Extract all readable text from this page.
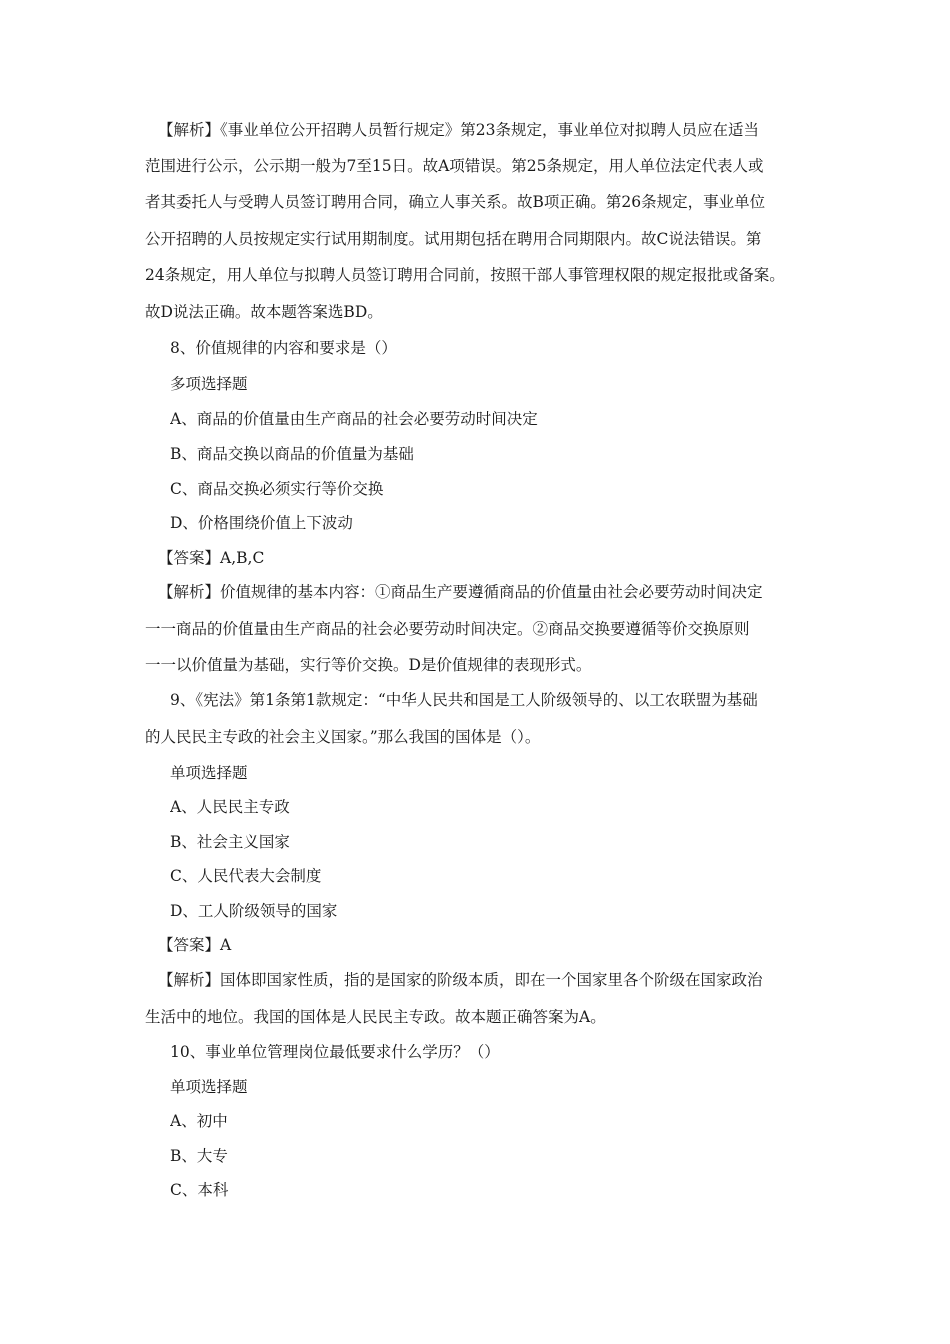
【解析】《事业单位公开招聘人员暂行规定》第23条规定，事业单位对拟聘人员应在适当
范围进行公示，公示期一般为7至15日。故A项错误。第25条规定，用人单位法定代表人或
者其委托人与受聘人员签订聘用合同，确立人事关系。故B项正确。第26条规定，事业单位
公开招聘的人员按规定实行试用期制度。试用期包括在聘用合同期限内。故C说法错误。第
24条规定，用人单位与拟聘人员签订聘用合同前，按照干部人事管理权限的规定报批或备案。
故D说法正确。故本题答案选BD。
8、价值规律的内容和要求是（）
多项选择题
A、商品的价值量由生产商品的社会必要劳动时间决定
B、商品交换以商品的价值量为基础
C、商品交换必须实行等价交换
D、价格围绕价值上下波动
【答案】A,B,C
【解析】价值规律的基本内容：①商品生产要遵循商品的价值量由社会必要劳动时间决定
一一商品的价值量由生产商品的社会必要劳动时间决定。②商品交换要遵循等价交换原则
一一以价值量为基础，实行等价交换。D是价值规律的表现形式。
9、《宪法》第1条第1款规定：“中华人民共和国是工人阶级领导的、以工农联盟为基础
的人民民主专政的社会主义国家。”那么我国的国体是（）。
单项选择题
A、人民民主专政
B、社会主义国家
C、人民代表大会制度
D、工人阶级领导的国家
【答案】A
【解析】国体即国家性质，指的是国家的阶级本质，即在一个国家里各个阶级在国家政治
生活中的地位。我国的国体是人民民主专政。故本题正确答案为A。
10、事业单位管理岗位最低要求什么学历？（）
单项选择题
A、初中
B、大专
C、本科
